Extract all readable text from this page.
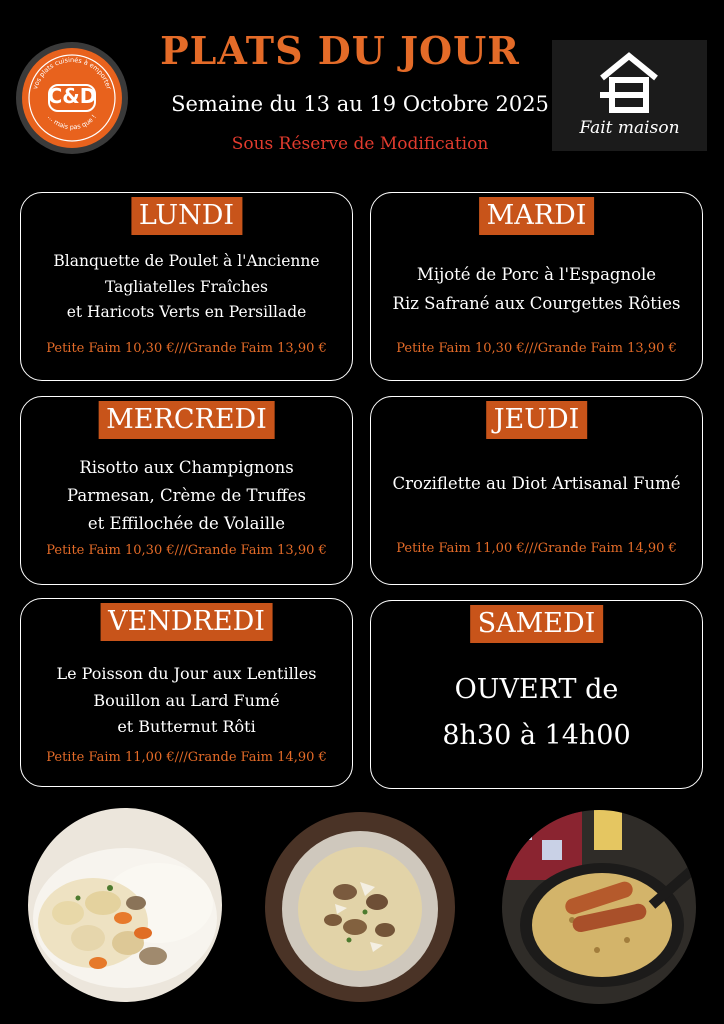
vos plats cuisinés à emporter
... mais pas que !
C&D
PLATS DU JOUR
Semaine du 13 au 19 Octobre 2025
Sous Réserve de Modification
Fait maison
LUNDI
Blanquette de Poulet à l'Ancienne
Tagliatelles Fraîches
et Haricots Verts en Persillade
Petite Faim 10,30 €///Grande Faim 13,90 €
MARDI
Mijoté de Porc à l'Espagnole
Riz Safrané aux Courgettes Rôties
Petite Faim 10,30 €///Grande Faim 13,90 €
MERCREDI
Risotto aux Champignons
Parmesan, Crème de Truffes
et Effilochée de Volaille
Petite Faim 10,30 €///Grande Faim 13,90 €
JEUDI
Croziflette au Diot Artisanal Fumé
Petite Faim 11,00 €///Grande Faim 14,90 €
VENDREDI
Le Poisson du Jour aux Lentilles
Bouillon au Lard Fumé
et Butternut Rôti
Petite Faim 11,00 €///Grande Faim 14,90 €
SAMEDI
OUVERT de
8h30 à 14h00
